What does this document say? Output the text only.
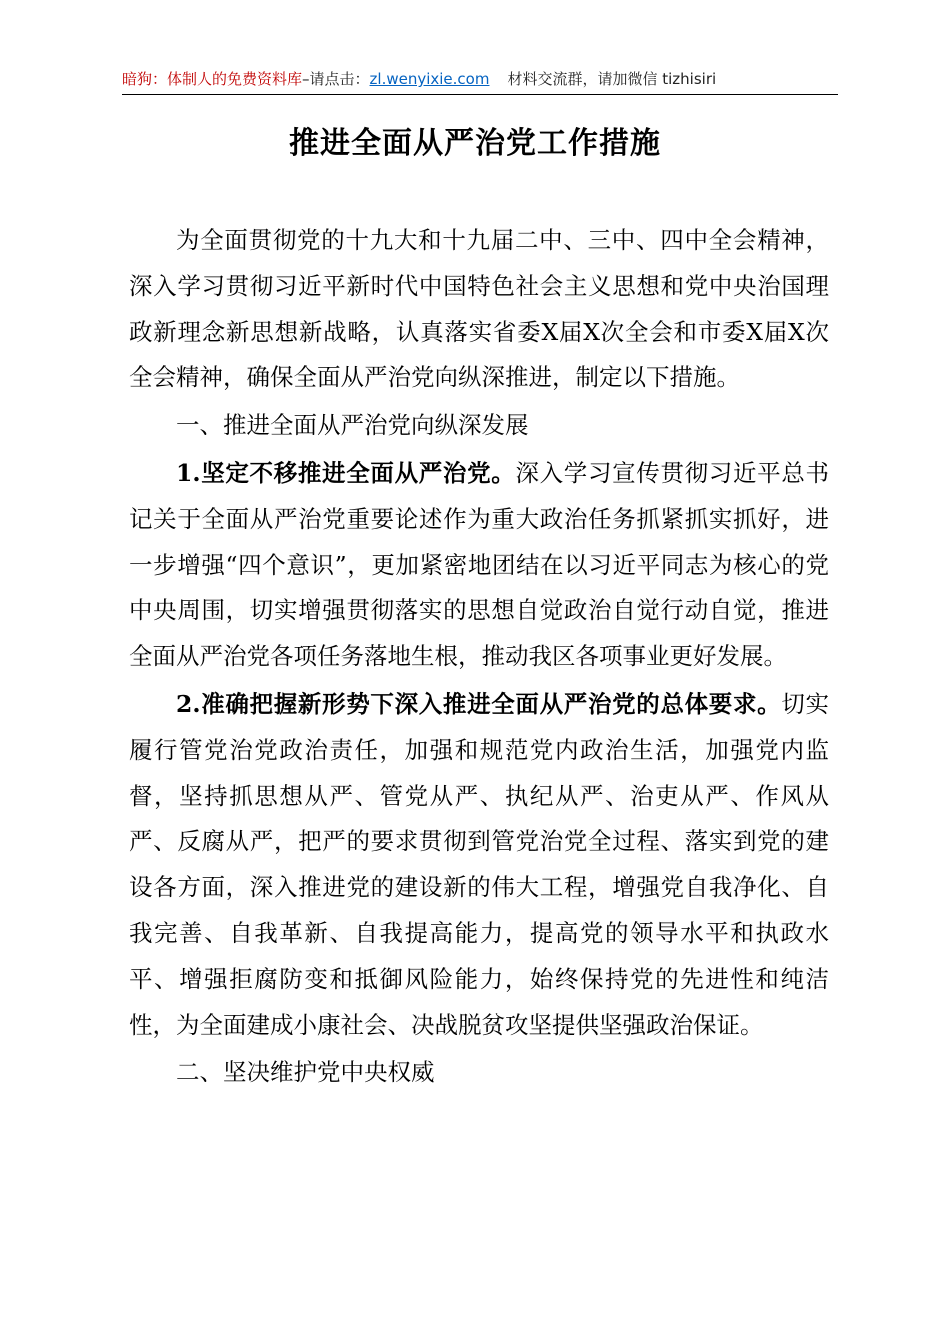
暗狗：体制人的免费资料库–请点击：zl.wenyixie.com 材料交流群，请加微信 tizhisiri
推进全面从严治党工作措施

为全面贯彻党的十九大和十九届二中、三中、四中全会精神，深入学习贯彻习近平新时代中国特色社会主义思想和党中央治国理政新理念新思想新战略，认真落实省委X届X次全会和市委X届X次全会精神，确保全面从严治党向纵深推进，制定以下措施。

一、推进全面从严治党向纵深发展

1.坚定不移推进全面从严治党。深入学习宣传贯彻习近平总书记关于全面从严治党重要论述作为重大政治任务抓紧抓实抓好，进一步增强“四个意识”，更加紧密地团结在以习近平同志为核心的党中央周围，切实增强贯彻落实的思想自觉政治自觉行动自觉，推进全面从严治党各项任务落地生根，推动我区各项事业更好发展。

2.准确把握新形势下深入推进全面从严治党的总体要求。切实履行管党治党政治责任，加强和规范党内政治生活，加强党内监督，坚持抓思想从严、管党从严、执纪从严、治吏从严、作风从严、反腐从严，把严的要求贯彻到管党治党全过程、落实到党的建设各方面，深入推进党的建设新的伟大工程，增强党自我净化、自我完善、自我革新、自我提高能力，提高党的领导水平和执政水平、增强拒腐防变和抵御风险能力，始终保持党的先进性和纯洁性，为全面建成小康社会、决战脱贫攻坚提供坚强政治保证。

二、坚决维护党中央权威
